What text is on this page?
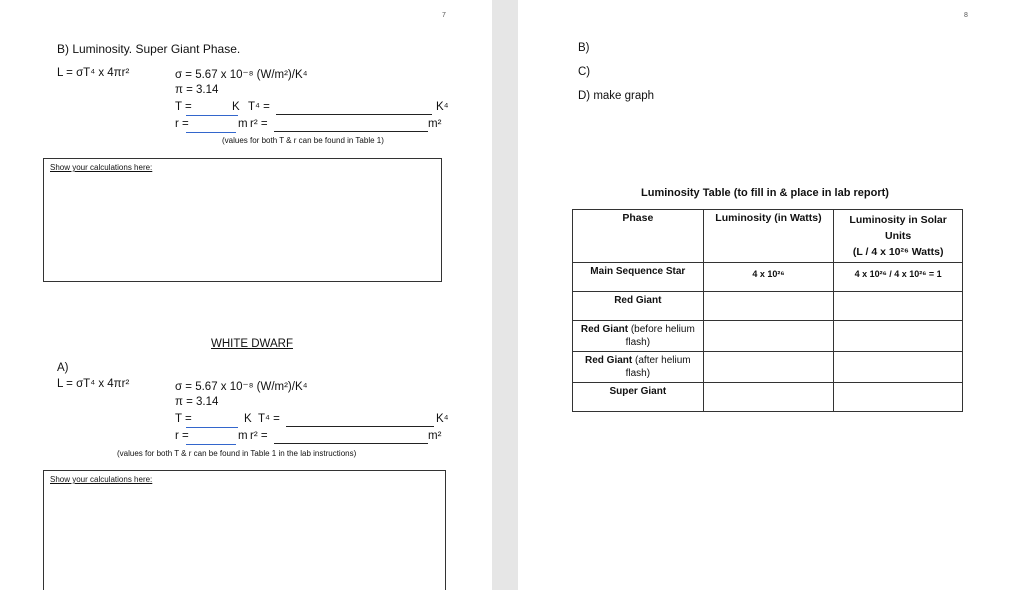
7
B) Luminosity. Super Giant Phase.
L = σT⁴ x 4πr²	σ = 5.67 x 10⁻⁸ (W/m²)/K⁴
π = 3.14
T =	K T⁴ =	K⁴
r =	m r² =	m²
(values for both T & r can be found in Table 1)
Show your calculations here:
WHITE DWARF
A)
L = σT⁴ x 4πr²	σ = 5.67 x 10⁻⁸ (W/m²)/K⁴
π = 3.14
T =	K T⁴ =	K⁴
r =	m r² =	m²
(values for both T & r can be found in Table 1 in the lab instructions)
Show your calculations here:
8
B)
C)
D) make graph
Luminosity Table (to fill in & place in lab report)
Phase	Luminosity (in Watts)	Luminosity in Solar Units
(L / 4 x 10²⁶ Watts)
Main Sequence Star	4 x 10²⁶	4 x 10²⁶ / 4 x 10²⁶ = 1
Red Giant		
Red Giant (before helium flash)		
Red Giant (after helium flash)		
Super Giant		
